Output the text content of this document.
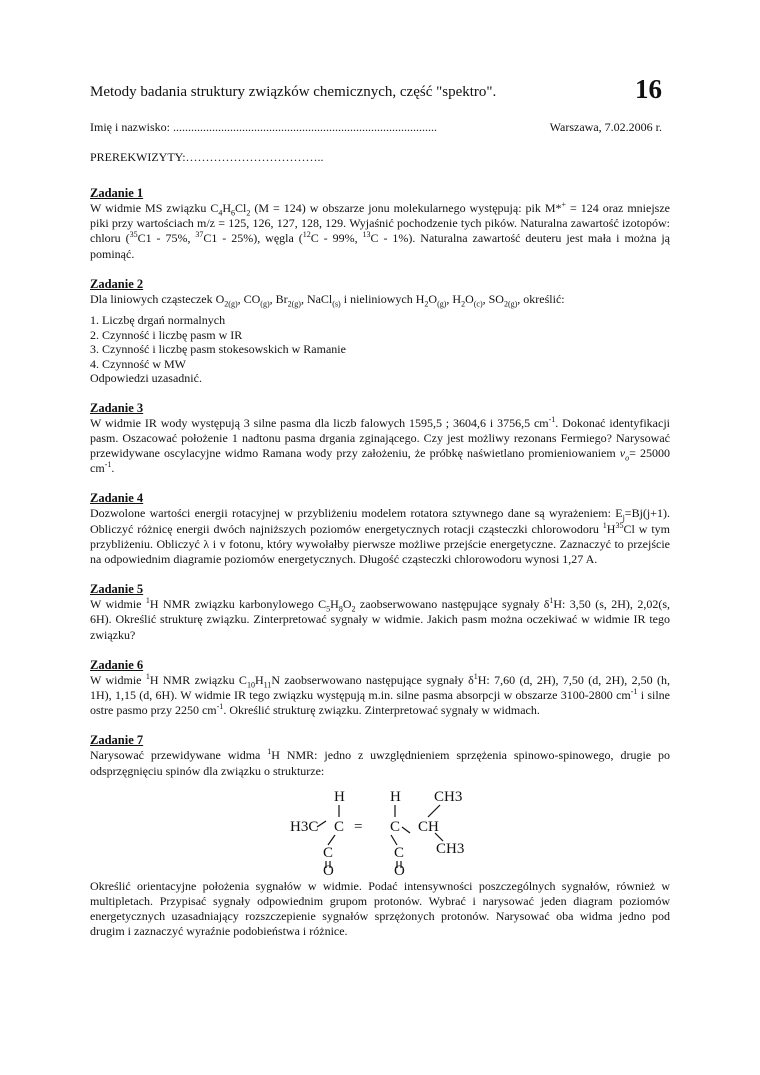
Metody badania struktury związków chemicznych, część "spektro".	16
Imię i nazwisko: ........................................................................................	Warszawa, 7.02.2006 r.
PREREKWIZYTY:……………………………..
Zadanie 1

W widmie MS związku $C_4H_6Cl_2$ (M = 124) w obszarze jonu molekularnego występują: pik M*+ = 124 oraz mniejsze piki przy wartościach m/z = 125, 126, 127, 128, 129. Wyjaśnić pochodzenie tych pików. Naturalna zawartość izotopów: chloru ($^{35}$C1 - 75%, $^{37}$C1 - 25%), węgla ($^{12}$C - 99%, $^{13}$C - 1%). Naturalna zawartość deuteru jest mała i można ją pominąć.

Zadanie 2

Dla liniowych cząsteczek $O_{2(g)}$, $CO_{(g)}$, $Br_{2(g)}$, NaCl$_{(s)}$ i nieliniowych $H_2O_{(g)}$, $H_2O_{(c)}$, $SO_{2(g)}$, określić:

1. Liczbę drgań normalnych
2. Czynność i liczbę pasm w IR
3. Czynność i liczbę pasm stokesowskich w Ramanie
4. Czynność w MW
Odpowiedzi uzasadnić.
Zadanie 3

W widmie IR wody występują 3 silne pasma dla liczb falowych 1595,5 ; 3604,6 i 3756,5 $cm^{-1}$. Dokonać identyfikacji pasm. Oszacować położenie 1 nadtonu pasma drgania zginającego. Czy jest możliwy rezonans Fermiego? Narysować przewidywane oscylacyjne widmo Ramana wody przy założeniu, że próbkę naświetlano promieniowaniem $v_o= 25000$ $cm^{-1}$.

Zadanie 4

Dozwolone wartości energii rotacyjnej w przybliżeniu modelem rotatora sztywnego dane są wyrażeniem: $E_j=Bj(j+1)$. Obliczyć różnicę energii dwóch najniższych poziomów energetycznych rotacji cząsteczki chlorowodoru $^1H^{35}Cl$ w tym przybliżeniu. Obliczyć λ i v fotonu, który wywołałby pierwsze możliwe przejście energetyczne. Zaznaczyć to przejście na odpowiednim diagramie poziomów energetycznych. Długość cząsteczki chlorowodoru wynosi 1,27 A.

Zadanie 5

W widmie $^1$H NMR związku karbonylowego $C_5H_8O_2$ zaobserwowano następujące sygnały $\delta^1H$: 3,50 (s, 2H), 2,02(s, 6H). Określić strukturę związku. Zinterpretować sygnały w widmie. Jakich pasm można oczekiwać w widmie IR tego związku?

Zadanie 6

W widmie $^1$H NMR związku $C_{10}H_{11}N$ zaobserwowano następujące sygnały $\delta^1H$: 7,60 (d, 2H), 7,50 (d, 2H), 2,50 (h, 1H), 1,15 (d, 6H). W widmie IR tego związku występują m.in. silne pasma absorpcji w obszarze 3100-2800 $cm^{-1}$ i silne ostre pasmo przy 2250 $cm^{-1}$. Określić strukturę związku. Zinterpretować sygnały w widmach.

Zadanie 7

Narysować przewidywane widma $^1$H NMR: jedno z uwzględnieniem sprzężenia spinowo-spinowego, drugie po odsprzęgnięciu spinów dla związku o strukturze:

H	H CH3
H3C C = C CH
CH3
C
O
C
O

Określić orientacyjne położenia sygnałów w widmie. Podać intensywności poszczególnych sygnałów, również w multipletach. Przypisać sygnały odpowiednim grupom protonów. Wybrać i narysować jeden diagram poziomów energetycznych uzasadniający rozszczepienie sygnałów sprzężonych protonów. Narysować oba widma jedno pod drugim i zaznaczyć wyraźnie podobieństwa i różnice.
